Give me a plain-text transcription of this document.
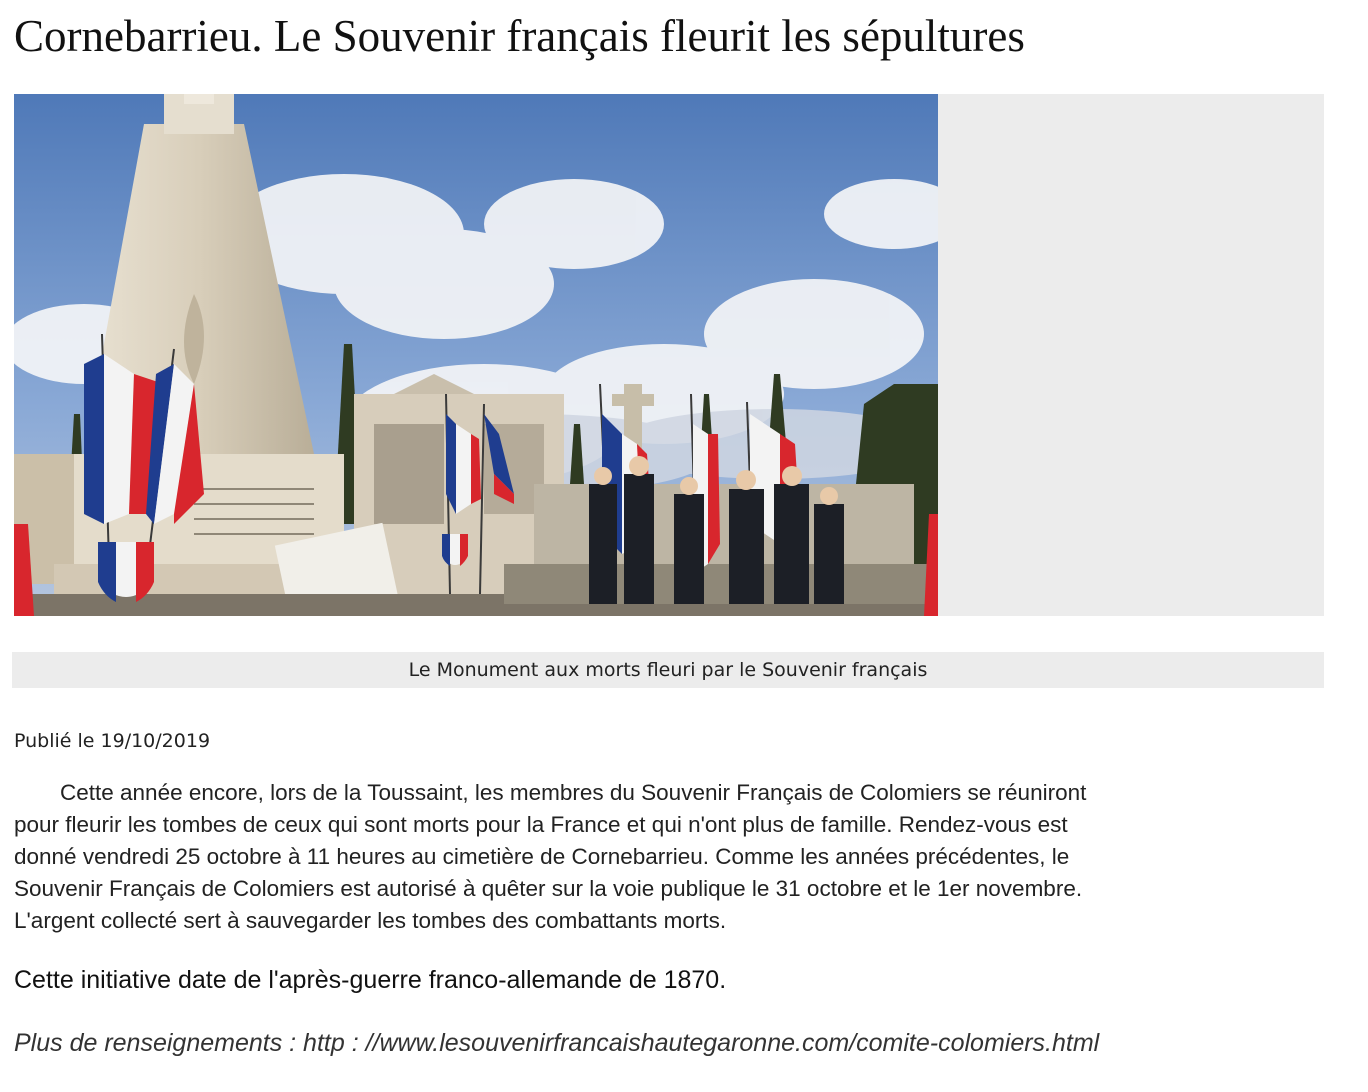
Cornebarrieu. Le Souvenir français fleurit les sépultures
Le Monument aux morts fleuri par le Souvenir français
Publié le 19/10/2019

Cette année encore, lors de la Toussaint, les membres du Souvenir Français de Colomiers se réuniront
pour fleurir les tombes de ceux qui sont morts pour la France et qui n'ont plus de famille. Rendez-vous est
donné vendredi 25 octobre à 11 heures au cimetière de Cornebarrieu. Comme les années précédentes, le
Souvenir Français de Colomiers est autorisé à quêter sur la voie publique le 31 octobre et le 1er novembre.
L'argent collecté sert à sauvegarder les tombes des combattants morts.

Cette initiative date de l'après-guerre franco-allemande de 1870.

Plus de renseignements : http : //www.lesouvenirfrancaishautegaronne.com/comite-colomiers.html
